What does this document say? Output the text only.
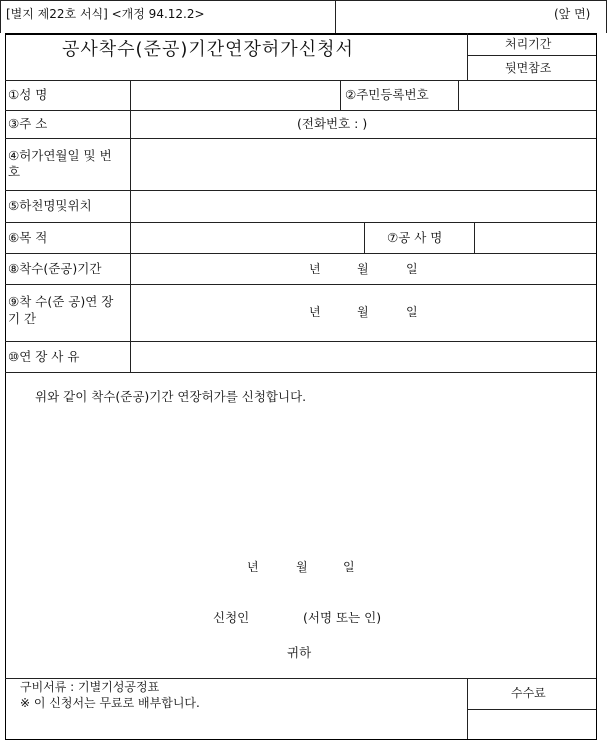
[별지 제22호 서식] <개정 94.12.2>	(앞 면)
공사착수(준공)기간연장허가신청서	처리기간
뒷면참조
①성 명	②주민등록번호
③주 소	(전화번호 : )
④허가연월일 및 번
호
⑤하천명및위치
⑥목 적	⑦공 사 명
⑧착수(준공)기간	년	월	일
⑨착 수(준 공)연 장
기 간	년	월	일
⑩연 장 사 유
위와 같이 착수(준공)기간 연장허가를 신청합니다.
년	월	일
신청인	(서명 또는 인)
귀하
구비서류 : 기별기성공정표
※ 이 신청서는 무료로 배부합니다.
수수료
